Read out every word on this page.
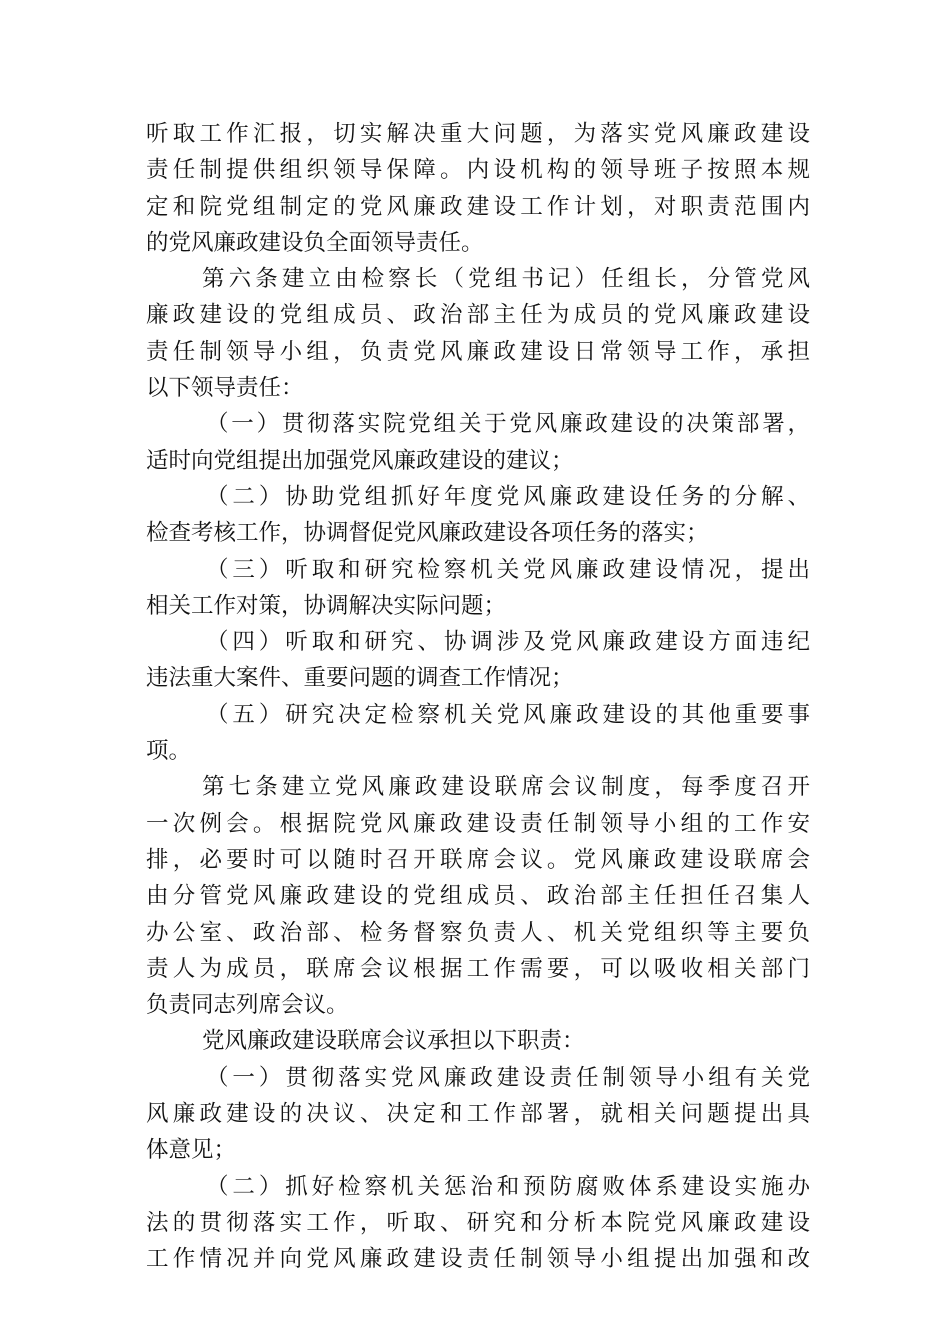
听取工作汇报，切实解决重大问题，为落实党风廉政建设
责任制提供组织领导保障。内设机构的领导班子按照本规
定和院党组制定的党风廉政建设工作计划，对职责范围内
的党风廉政建设负全面领导责任。
第六条建立由检察长（党组书记）任组长，分管党风
廉政建设的党组成员、政治部主任为成员的党风廉政建设
责任制领导小组，负责党风廉政建设日常领导工作，承担
以下领导责任：
（一）贯彻落实院党组关于党风廉政建设的决策部署，
适时向党组提出加强党风廉政建设的建议；
（二）协助党组抓好年度党风廉政建设任务的分解、
检查考核工作，协调督促党风廉政建设各项任务的落实；
（三）听取和研究检察机关党风廉政建设情况，提出
相关工作对策，协调解决实际问题；
（四）听取和研究、协调涉及党风廉政建设方面违纪
违法重大案件、重要问题的调查工作情况；
（五）研究决定检察机关党风廉政建设的其他重要事
项。
第七条建立党风廉政建设联席会议制度，每季度召开
一次例会。根据院党风廉政建设责任制领导小组的工作安
排，必要时可以随时召开联席会议。党风廉政建设联席会
由分管党风廉政建设的党组成员、政治部主任担任召集人
办公室、政治部、检务督察负责人、机关党组织等主要负
责人为成员，联席会议根据工作需要，可以吸收相关部门
负责同志列席会议。
党风廉政建设联席会议承担以下职责：
（一）贯彻落实党风廉政建设责任制领导小组有关党
风廉政建设的决议、决定和工作部署，就相关问题提出具
体意见；
（二）抓好检察机关惩治和预防腐败体系建设实施办
法的贯彻落实工作，听取、研究和分析本院党风廉政建设
工作情况并向党风廉政建设责任制领导小组提出加强和改
